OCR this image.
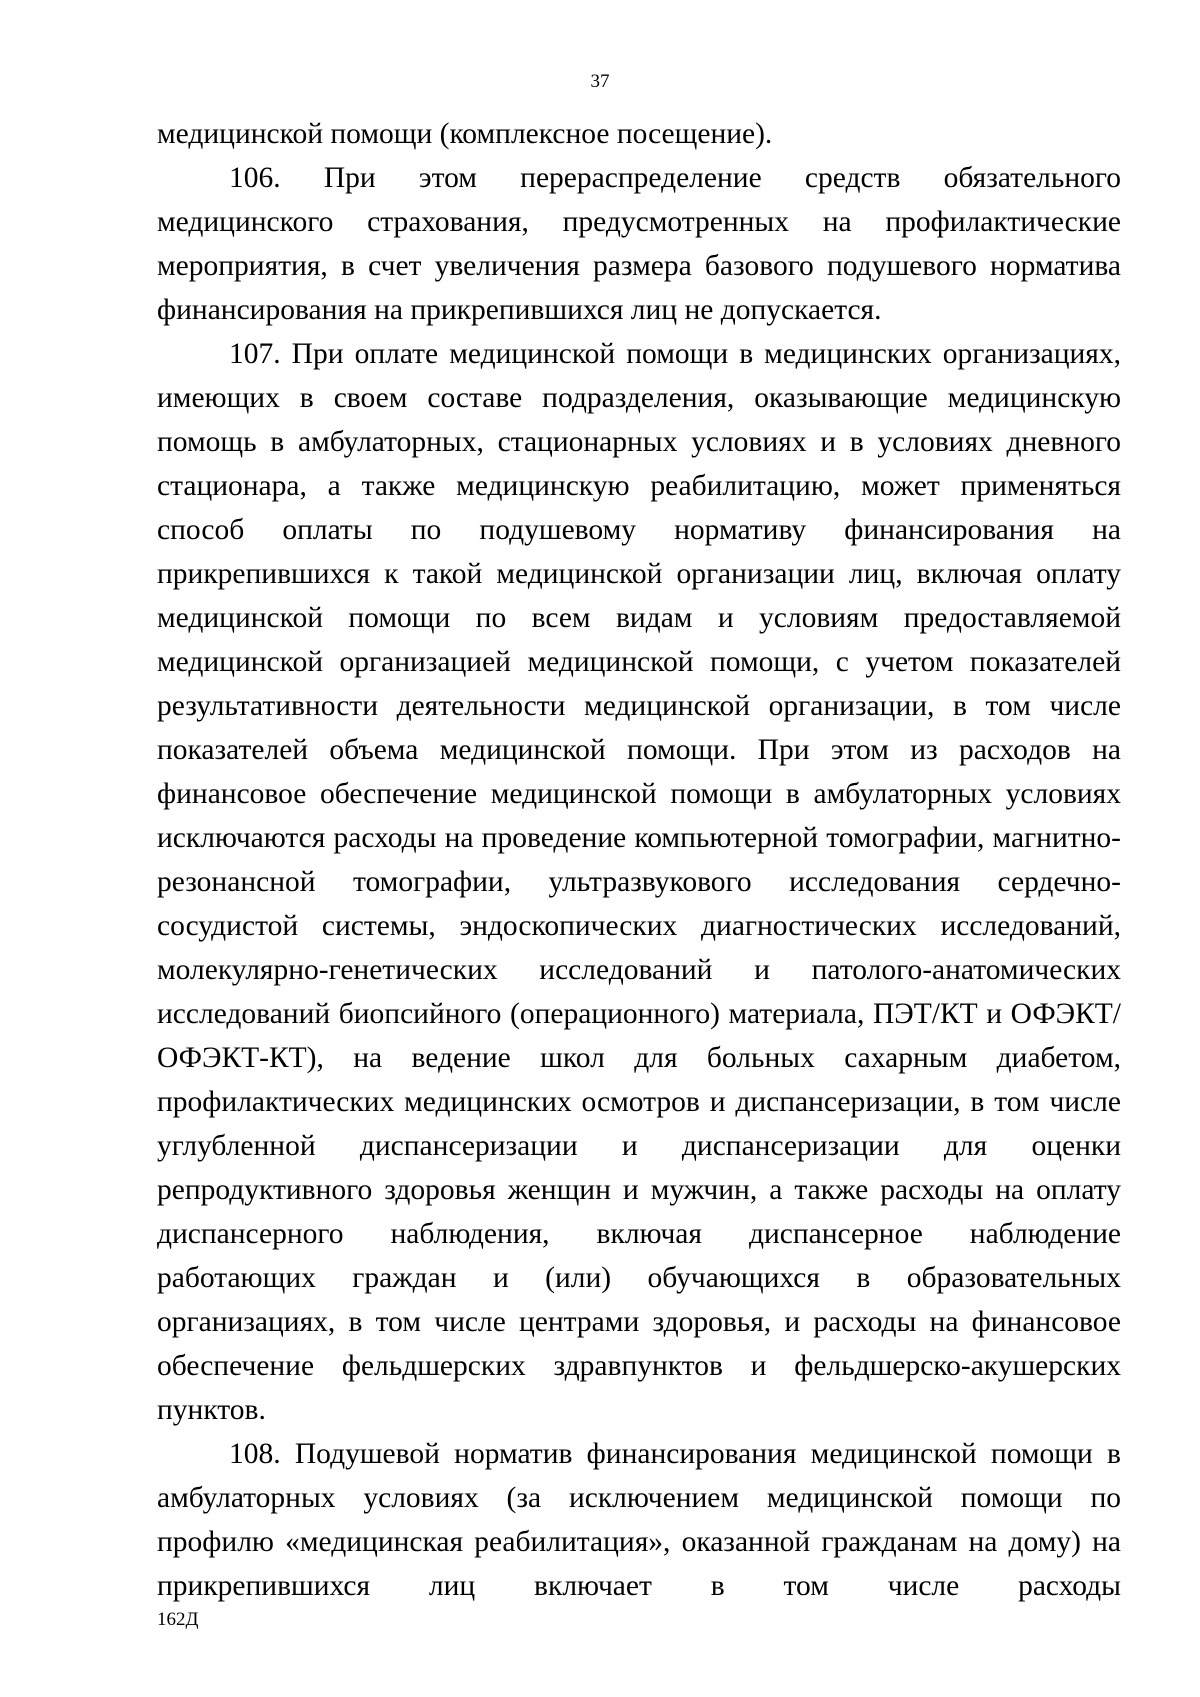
37

медицинской помощи (комплексное посещение).

106. При этом перераспределение средств обязательного медицинского страхования, предусмотренных на профилактические мероприятия, в счет увеличения размера базового подушевого норматива финансирования на прикрепившихся лиц не допускается.

107. При оплате медицинской помощи в медицинских организациях, имеющих в своем составе подразделения, оказывающие медицинскую помощь в амбулаторных, стационарных условиях и в условиях дневного стационара, а также медицинскую реабилитацию, может применяться способ оплаты по подушевому нормативу финансирования на прикрепившихся к такой медицинской организации лиц, включая оплату медицинской помощи по всем видам и условиям предоставляемой медицинской организацией медицинской помощи, с учетом показателей результативности деятельности медицинской организации, в том числе показателей объема медицинской помощи. При этом из расходов на финансовое обеспечение медицинской помощи в амбулаторных условиях исключаются расходы на проведение компьютерной томографии, магнитно-резонансной томографии, ультразвукового исследования сердечно-сосудистой системы, эндоскопических диагностических исследований, молекулярно-генетических исследований и патолого-анатомических исследований биопсийного (операционного) материала, ПЭТ/КТ и ОФЭКТ/ОФЭКТ-КТ), на ведение школ для больных сахарным диабетом, профилактических медицинских осмотров и диспансеризации, в том числе углубленной диспансеризации и диспансеризации для оценки репродуктивного здоровья женщин и мужчин, а также расходы на оплату диспансерного наблюдения, включая диспансерное наблюдение работающих граждан и (или) обучающихся в образовательных организациях, в том числе центрами здоровья, и расходы на финансовое обеспечение фельдшерских здравпунктов и фельдшерско-акушерских пунктов.

108. Подушевой норматив финансирования медицинской помощи в амбулаторных условиях (за исключением медицинской помощи по профилю «медицинская реабилитация», оказанной гражданам на дому) на прикрепившихся лиц включает в том числе расходы

162Д
